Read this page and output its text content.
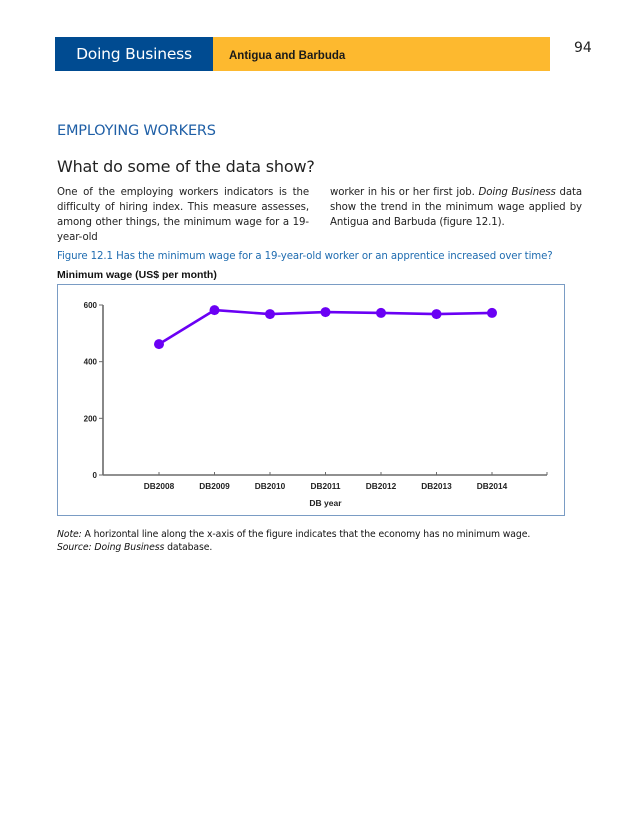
Doing Business 2014
Antigua and Barbuda	94
EMPLOYING WORKERS
What do some of the data show?
One of the employing workers indicators is the difficulty of hiring index. This measure assesses, among other things, the minimum wage for a 19-year-old
worker in his or her first job. Doing Business data show the trend in the minimum wage applied by Antigua and Barbuda (figure 12.1).
Figure 12.1 Has the minimum wage for a 19-year-old worker or an apprentice increased over time?
Minimum wage (US$ per month)
0
200
400
600
DB2008	DB2009	DB2010	DB2011	DB2012	DB2013	DB2014
DB year
Note: A horizontal line along the x-axis of the figure indicates that the economy has no minimum wage.
Source: Doing Business database.
